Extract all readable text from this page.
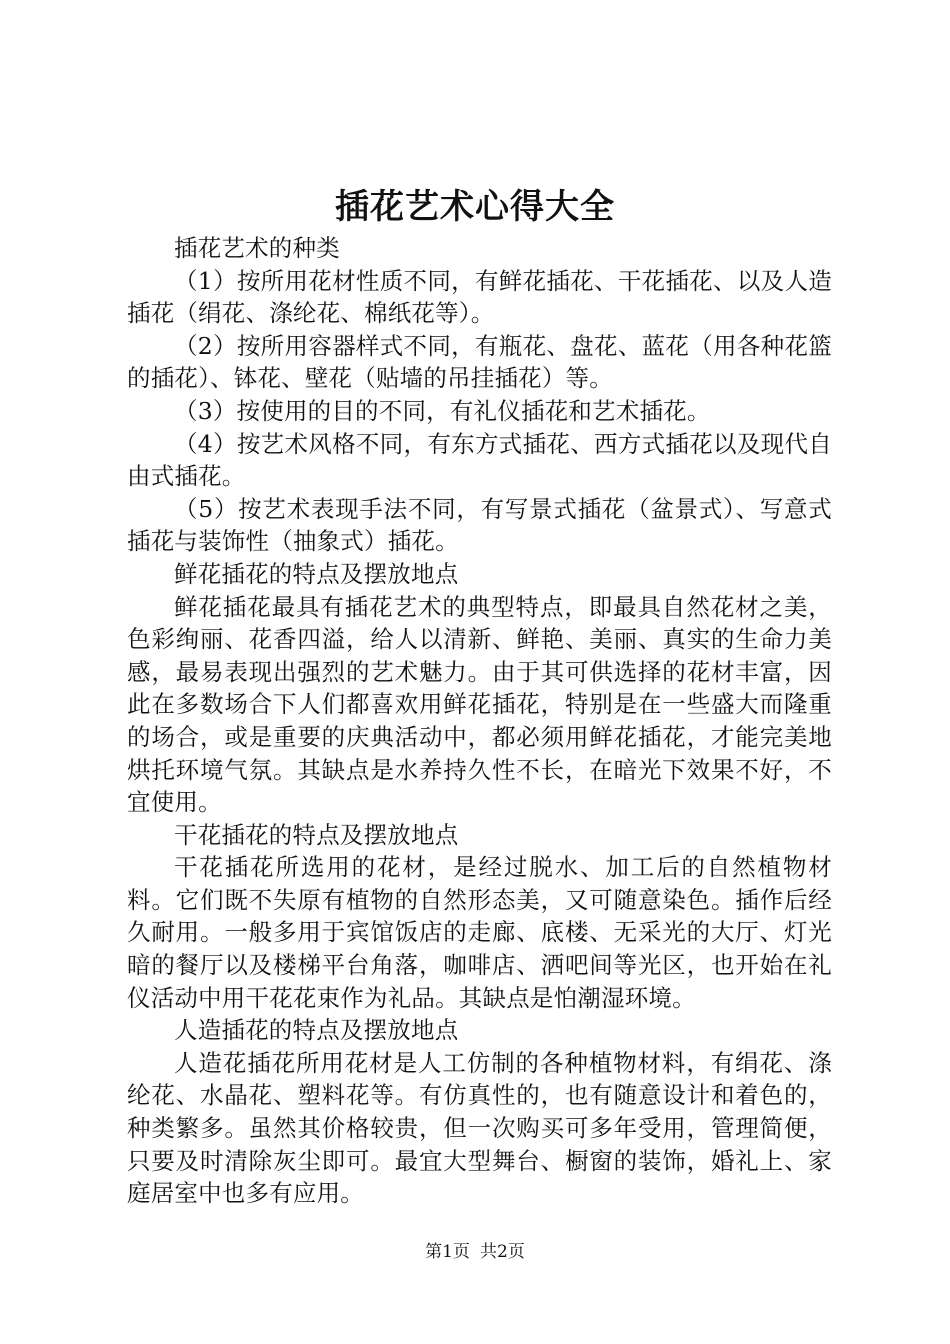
插花艺术心得大全

插花艺术的种类

（1）按所用花材性质不同，有鲜花插花、干花插花、以及人造插花（绢花、涤纶花、棉纸花等）。

（2）按所用容器样式不同，有瓶花、盘花、蓝花（用各种花篮的插花）、钵花、壁花（贴墙的吊挂插花）等。

（3）按使用的目的不同，有礼仪插花和艺术插花。

（4）按艺术风格不同，有东方式插花、西方式插花以及现代自由式插花。

（5）按艺术表现手法不同，有写景式插花（盆景式）、写意式插花与装饰性（抽象式）插花。

鲜花插花的特点及摆放地点

鲜花插花最具有插花艺术的典型特点，即最具自然花材之美，色彩绚丽、花香四溢，给人以清新、鲜艳、美丽、真实的生命力美感，最易表现出强烈的艺术魅力。由于其可供选择的花材丰富，因此在多数场合下人们都喜欢用鲜花插花，特别是在一些盛大而隆重的场合，或是重要的庆典活动中，都必须用鲜花插花，才能完美地烘托环境气氛。其缺点是水养持久性不长，在暗光下效果不好，不宜使用。

干花插花的特点及摆放地点

干花插花所选用的花材，是经过脱水、加工后的自然植物材料。它们既不失原有植物的自然形态美，又可随意染色。插作后经久耐用。一般多用于宾馆饭店的走廊、底楼、无采光的大厅、灯光暗的餐厅以及楼梯平台角落，咖啡店、洒吧间等光区，也开始在礼仪活动中用干花花束作为礼品。其缺点是怕潮湿环境。

人造插花的特点及摆放地点

人造花插花所用花材是人工仿制的各种植物材料，有绢花、涤纶花、水晶花、塑料花等。有仿真性的，也有随意设计和着色的，种类繁多。虽然其价格较贵，但一次购买可多年受用，管理简便，只要及时清除灰尘即可。最宜大型舞台、橱窗的装饰，婚礼上、家庭居室中也多有应用。

第1页 共2页
